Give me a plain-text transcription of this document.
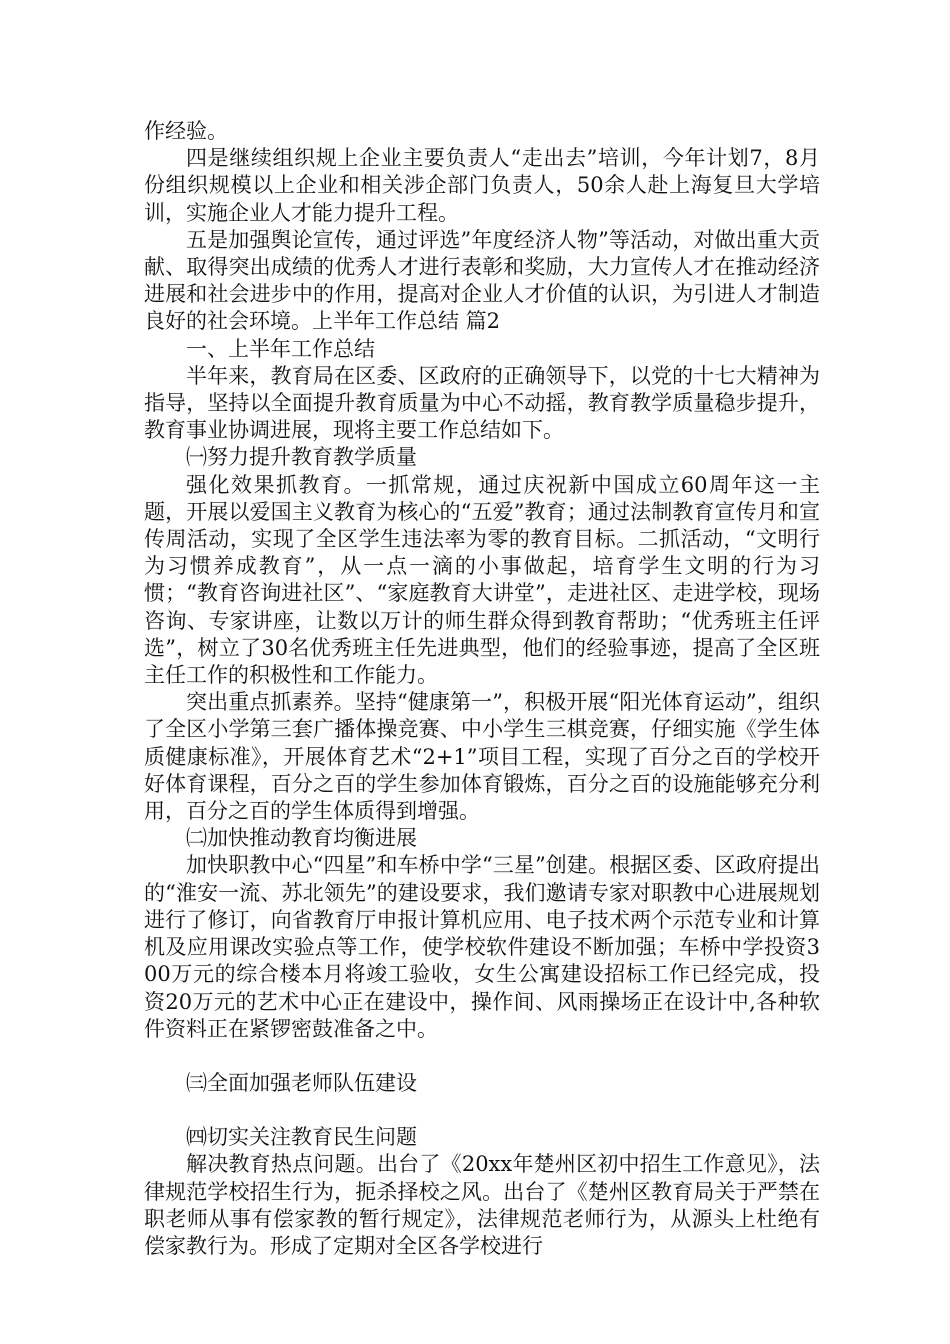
作经验。

四是继续组织规上企业主要负责人“走出去”培训，今年计划7，8月份组织规模以上企业和相关涉企部门负责人，50余人赴上海复旦大学培训，实施企业人才能力提升工程。

五是加强舆论宣传，通过评选”年度经济人物”等活动，对做出重大贡献、取得突出成绩的优秀人才进行表彰和奖励，大力宣传人才在推动经济进展和社会进步中的作用，提高对企业人才价值的认识，为引进人才制造良好的社会环境。上半年工作总结 篇2

一、上半年工作总结

半年来，教育局在区委、区政府的正确领导下，以党的十七大精神为指导，坚持以全面提升教育质量为中心不动摇，教育教学质量稳步提升，教育事业协调进展，现将主要工作总结如下。

㈠努力提升教育教学质量

强化效果抓教育。一抓常规，通过庆祝新中国成立60周年这一主题，开展以爱国主义教育为核心的“五爱”教育；通过法制教育宣传月和宣传周活动，实现了全区学生违法率为零的教育目标。二抓活动，“文明行为习惯养成教育”，从一点一滴的小事做起，培育学生文明的行为习惯；“教育咨询进社区”、“家庭教育大讲堂”，走进社区、走进学校，现场咨询、专家讲座，让数以万计的师生群众得到教育帮助；“优秀班主任评选”，树立了30名优秀班主任先进典型，他们的经验事迹，提高了全区班主任工作的积极性和工作能力。

突出重点抓素养。坚持“健康第一”，积极开展“阳光体育运动”，组织了全区小学第三套广播体操竞赛、中小学生三棋竞赛，仔细实施《学生体质健康标准》，开展体育艺术“2+1”项目工程，实现了百分之百的学校开好体育课程，百分之百的学生参加体育锻炼，百分之百的设施能够充分利用，百分之百的学生体质得到增强。

㈡加快推动教育均衡进展

加快职教中心“四星”和车桥中学“三星”创建。根据区委、区政府提出的“淮安一流、苏北领先”的建设要求，我们邀请专家对职教中心进展规划进行了修订，向省教育厅申报计算机应用、电子技术两个示范专业和计算机及应用课改实验点等工作，使学校软件建设不断加强；车桥中学投资300万元的综合楼本月将竣工验收，女生公寓建设招标工作已经完成，投资20万元的艺术中心正在建设中，操作间、风雨操场正在设计中,各种软件资料正在紧锣密鼓准备之中。

㈢全面加强老师队伍建设

㈣切实关注教育民生问题

解决教育热点问题。出台了《20xx年楚州区初中招生工作意见》，法律规范学校招生行为，扼杀择校之风。出台了《楚州区教育局关于严禁在职老师从事有偿家教的暂行规定》，法律规范老师行为，从源头上杜绝有偿家教行为。形成了定期对全区各学校进行
